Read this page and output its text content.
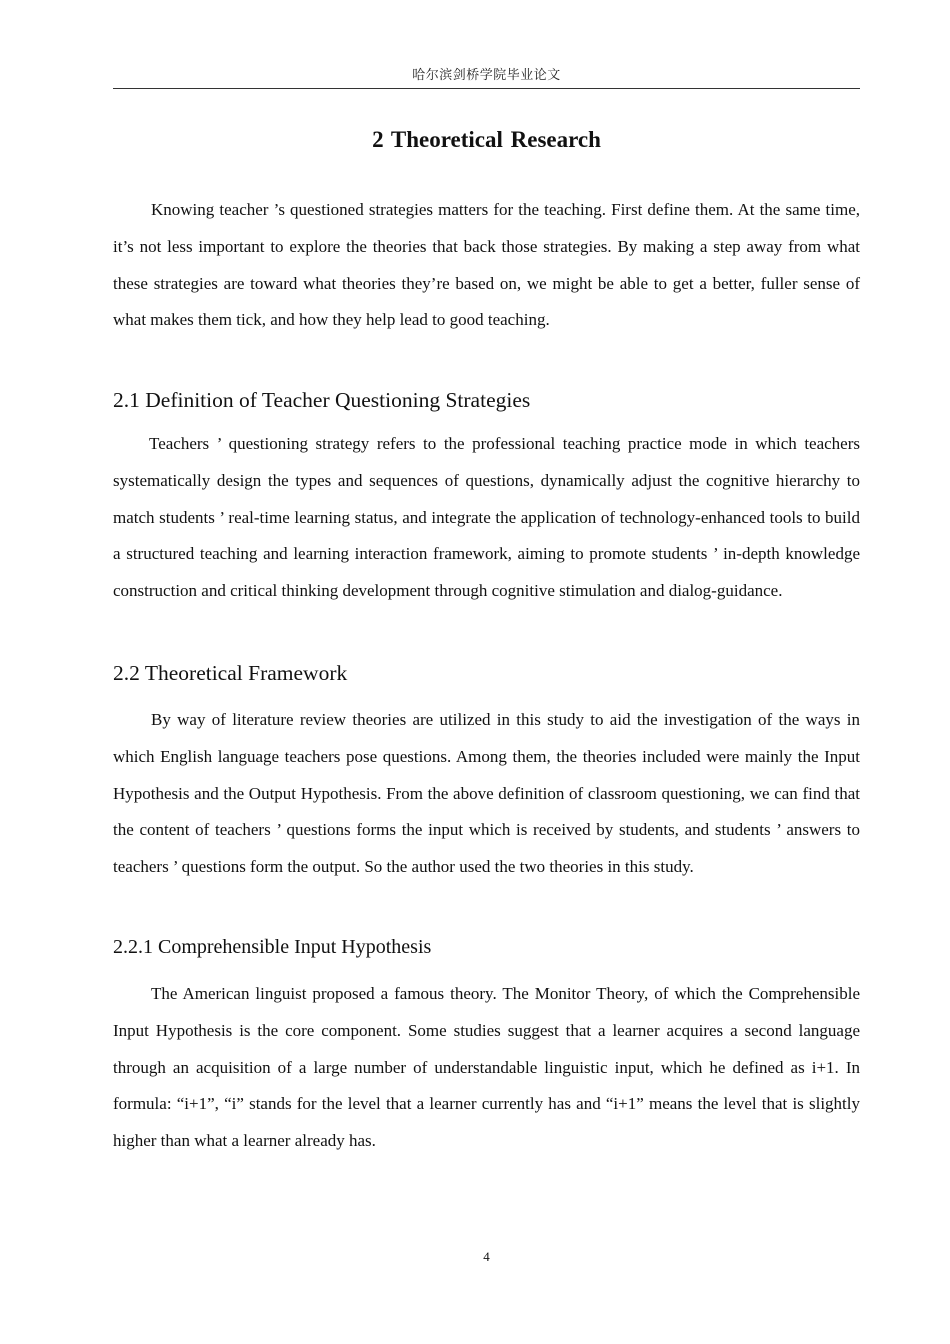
哈尔滨剑桥学院毕业论文
2 Theoretical Research

Knowing teacher ’s questioned strategies matters for the teaching. First define them. At the same time, it’s not less important to explore the theories that back those strategies. By making a step away from what these strategies are toward what theories they’re based on, we might be able to get a better, fuller sense of what makes them tick, and how they help lead to good teaching.

2.1 Definition of Teacher Questioning Strategies

Teachers ’ questioning strategy refers to the professional teaching practice mode in which teachers systematically design the types and sequences of questions, dynamically adjust the cognitive hierarchy to match students ’ real-time learning status, and integrate the application of technology-enhanced tools to build a structured teaching and learning interaction framework, aiming to promote students ’ in-depth knowledge construction and critical thinking development through cognitive stimulation and dialog-guidance.

2.2 Theoretical Framework

By way of literature review theories are utilized in this study to aid the investigation of the ways in which English language teachers pose questions. Among them, the theories included were mainly the Input Hypothesis and the Output Hypothesis. From the above definition of classroom questioning, we can find that the content of teachers ’ questions forms the input which is received by students, and students ’ answers to teachers ’ questions form the output. So the author used the two theories in this study.

2.2.1 Comprehensible Input Hypothesis

The American linguist proposed a famous theory. The Monitor Theory, of which the Comprehensible Input Hypothesis is the core component. Some studies suggest that a learner acquires a second language through an acquisition of a large number of understandable linguistic input, which he defined as i+1. In formula: “i+1”, “i” stands for the level that a learner currently has and “i+1” means the level that is slightly higher than what a learner already has.

4
